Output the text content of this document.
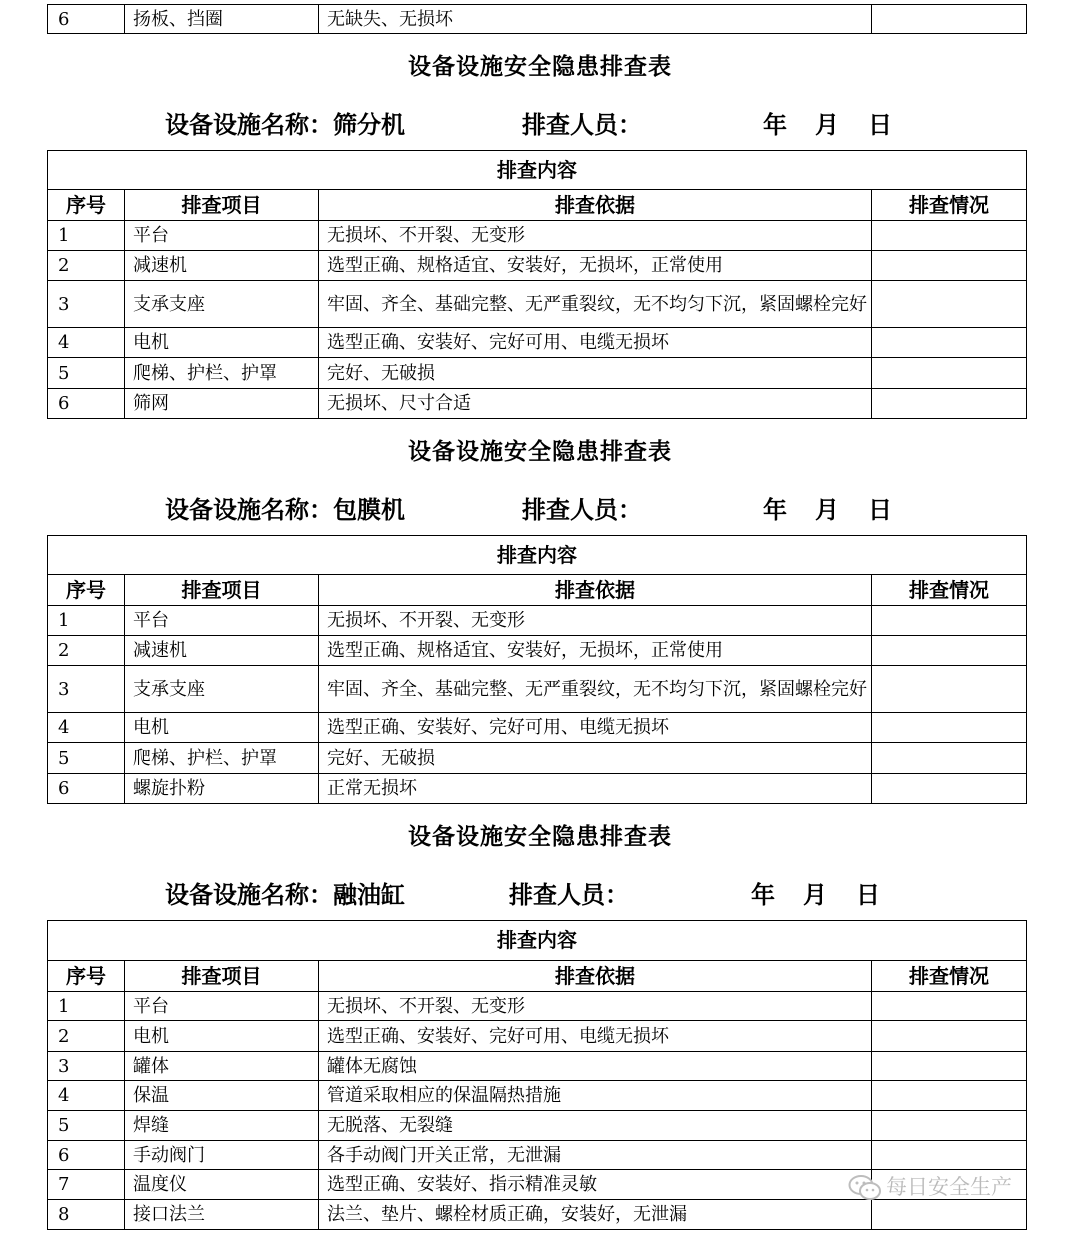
6	扬板、挡圈	无缺失、无损坏	
设备设施安全隐患排查表
设备设施名称：筛分机	排查人员：	年 月 日
排查内容			
序号	排查项目	排查依据	排查情况
1	平台	无损坏、不开裂、无变形	
2	减速机	选型正确、规格适宜、安装好，无损坏，正常使用	
3	支承支座	牢固、齐全、基础完整、无严重裂纹，无不均匀下沉，紧固螺栓完好	
4	电机	选型正确、安装好、完好可用、电缆无损坏	
5	爬梯、护栏、护罩	完好、无破损	
6	筛网	无损坏、尺寸合适	
设备设施安全隐患排查表
设备设施名称：包膜机	排查人员：	年 月 日
排查内容			
序号	排查项目	排查依据	排查情况
1	平台	无损坏、不开裂、无变形	
2	减速机	选型正确、规格适宜、安装好，无损坏，正常使用	
3	支承支座	牢固、齐全、基础完整、无严重裂纹，无不均匀下沉，紧固螺栓完好	
4	电机	选型正确、安装好、完好可用、电缆无损坏	
5	爬梯、护栏、护罩	完好、无破损	
6	螺旋扑粉	正常无损坏	
设备设施安全隐患排查表
设备设施名称：融油缸	排查人员：	年 月 日
排查内容			
序号	排查项目	排查依据	排查情况
1	平台	无损坏、不开裂、无变形	
2	电机	选型正确、安装好、完好可用、电缆无损坏	
3	罐体	罐体无腐蚀	
4	保温	管道采取相应的保温隔热措施	
5	焊缝	无脱落、无裂缝	
6	手动阀门	各手动阀门开关正常，无泄漏	
7	温度仪	选型正确、安装好、指示精准灵敏	
8	接口法兰	法兰、垫片、螺栓材质正确，安装好，无泄漏	
每日安全生产
